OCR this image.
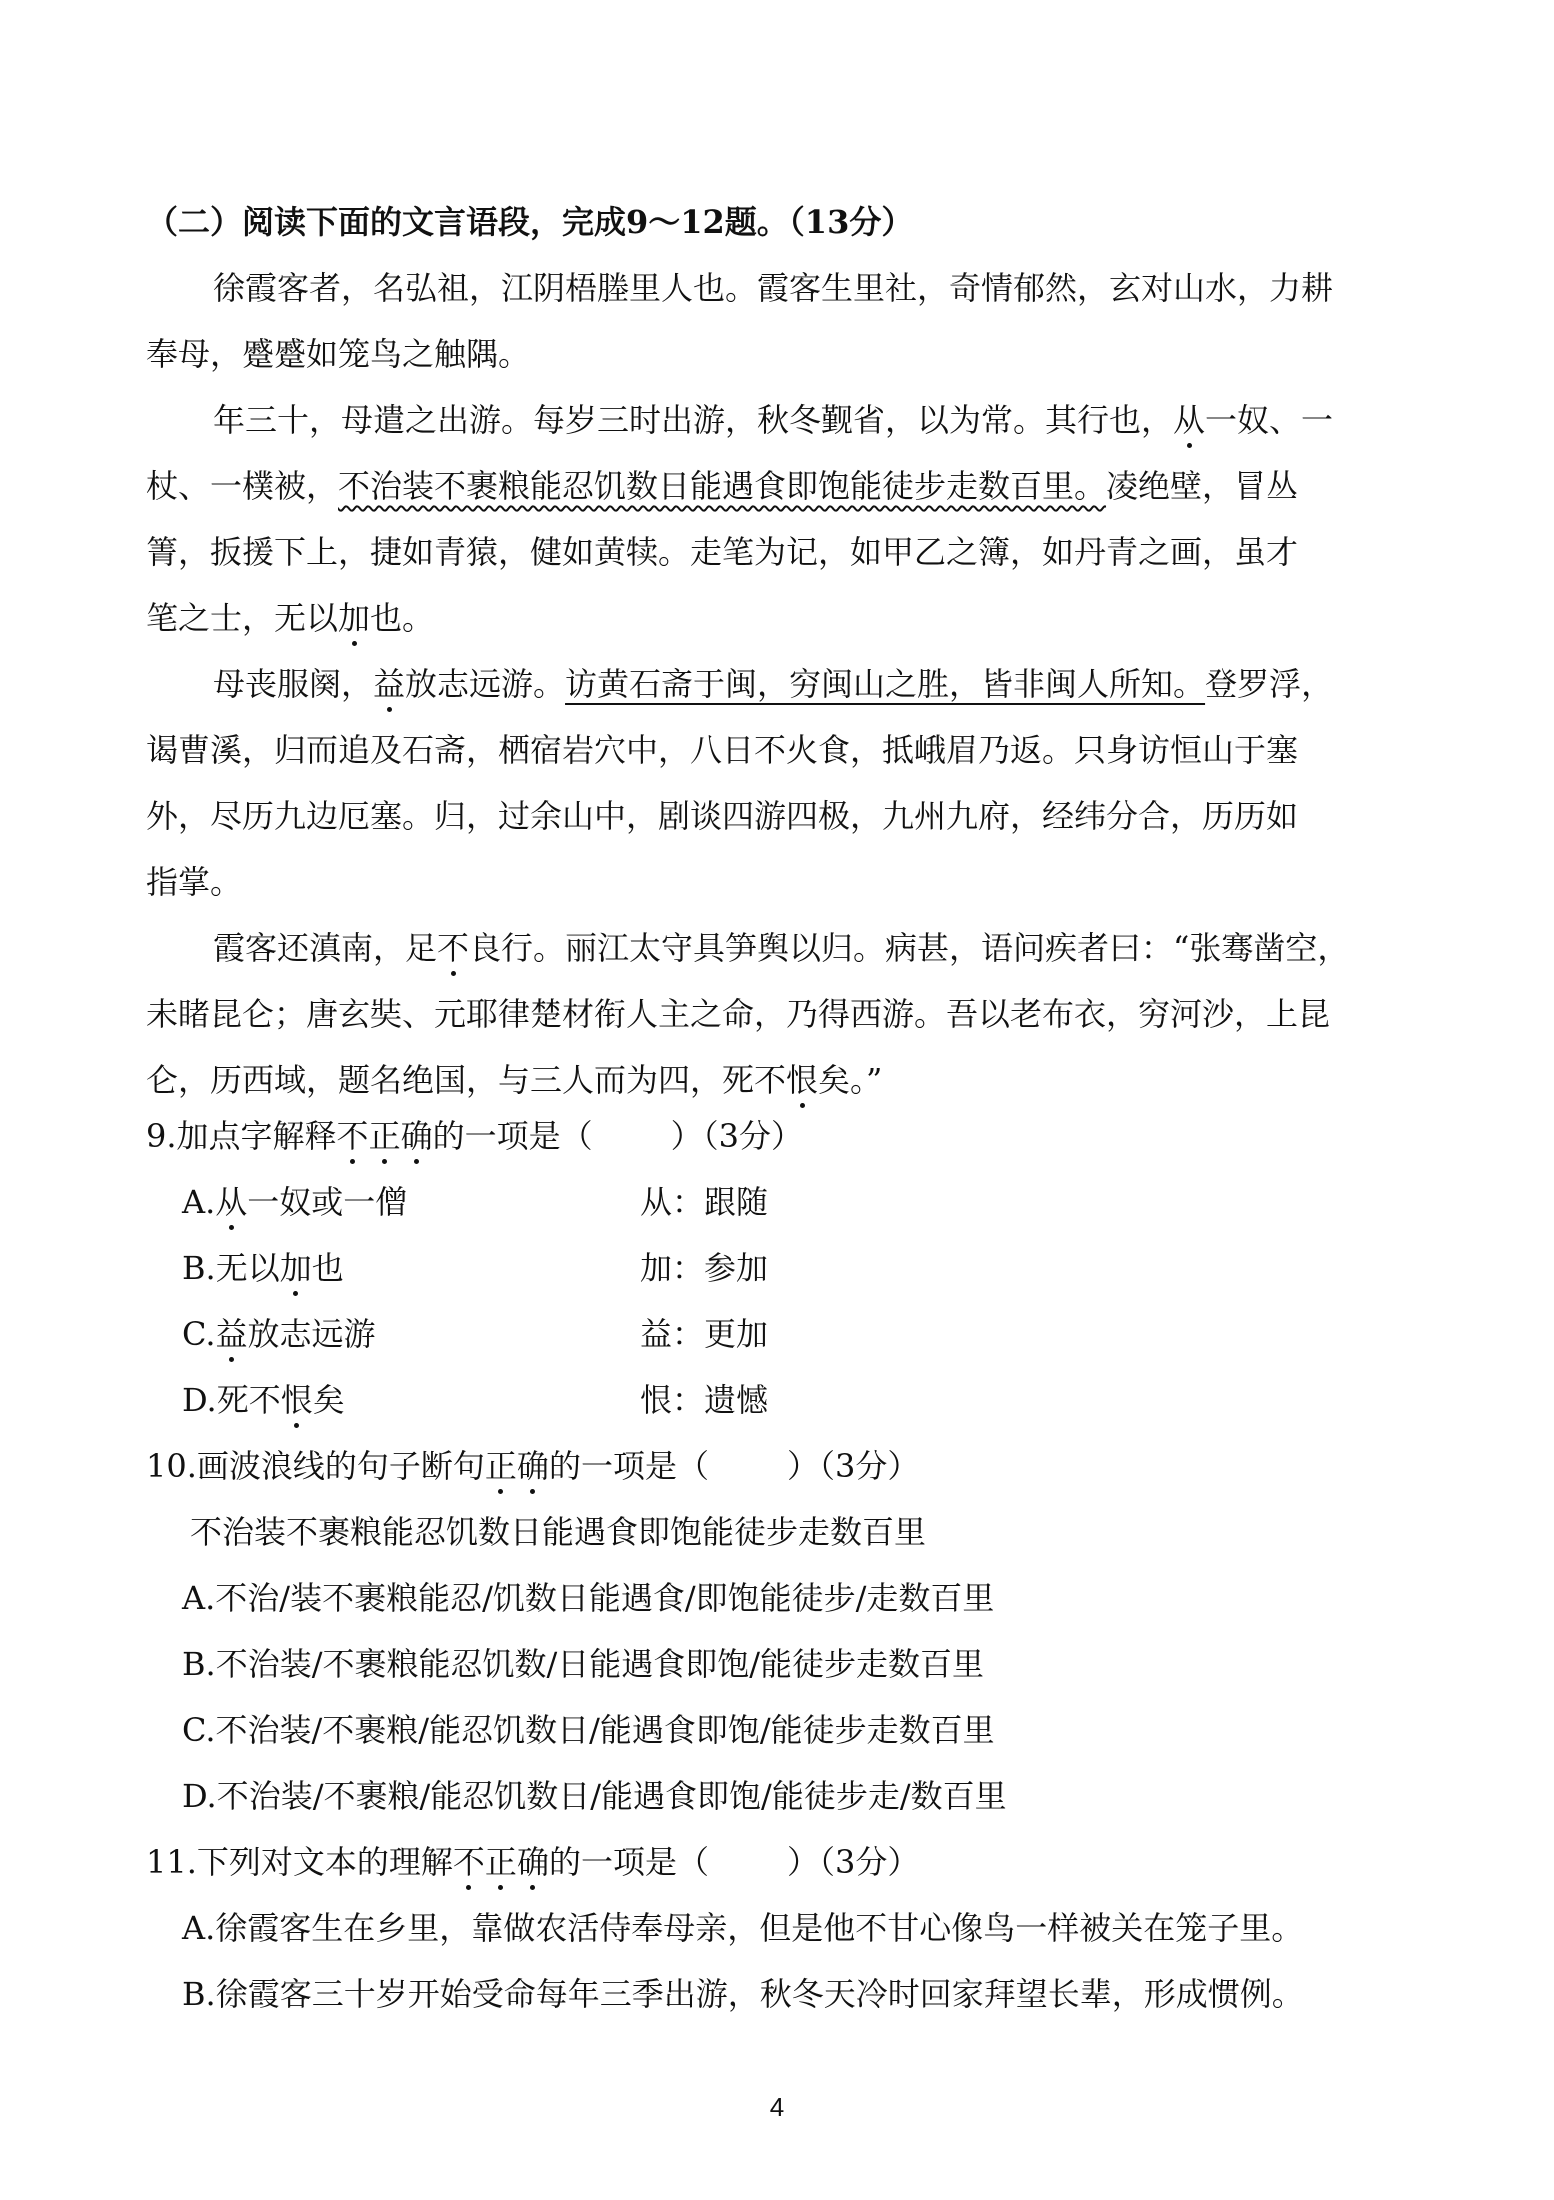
（二）阅读下面的文言语段，完成9～12题。（13分）
徐霞客者，名弘祖，江阴梧塍里人也。霞客生里社，奇情郁然，玄对山水，力耕
奉母，蹙蹙如笼鸟之触隅。
年三十，母遣之出游。每岁三时出游，秋冬觐省，以为常。其行也，从一奴、一
杖、一樸被，不治装不裹粮能忍饥数日能遇食即饱能徒步走数百里。凌绝壁，冒丛
箐，扳援下上，捷如青猿，健如黄犊。走笔为记，如甲乙之簿，如丹青之画，虽才
笔之士，无以加也。
母丧服阕，益放志远游。访黄石斋于闽，穷闽山之胜，皆非闽人所知。登罗浮，
谒曹溪，归而追及石斋，栖宿岩穴中，八日不火食，抵峨眉乃返。只身访恒山于塞
外，尽历九边厄塞。归，过余山中，剧谈四游四极，九州九府，经纬分合，历历如
指掌。
霞客还滇南，足不良行。丽江太守具笋舆以归。病甚，语问疾者曰：“张骞凿空，
未睹昆仑；唐玄奘、元耶律楚材衔人主之命，乃得西游。吾以老布衣，穷河沙，上昆
仑，历西域，题名绝国，与三人而为四，死不恨矣。”
9.加点字解释不正确的一项是（ ）（3分）
A.从一奴或一僧	从：跟随
B.无以加也	加：参加
C.益放志远游	益：更加
D.死不恨矣	恨：遗憾
10.画波浪线的句子断句正确的一项是（ ）（3分）
不治装不裹粮能忍饥数日能遇食即饱能徒步走数百里
A.不治/装不裹粮能忍/饥数日能遇食/即饱能徒步/走数百里
B.不治装/不裹粮能忍饥数/日能遇食即饱/能徒步走数百里
C.不治装/不裹粮/能忍饥数日/能遇食即饱/能徒步走数百里
D.不治装/不裹粮/能忍饥数日/能遇食即饱/能徒步走/数百里
11.下列对文本的理解不正确的一项是（ ）（3分）
A.徐霞客生在乡里，靠做农活侍奉母亲，但是他不甘心像鸟一样被关在笼子里。
B.徐霞客三十岁开始受命每年三季出游，秋冬天冷时回家拜望长辈，形成惯例。
4
